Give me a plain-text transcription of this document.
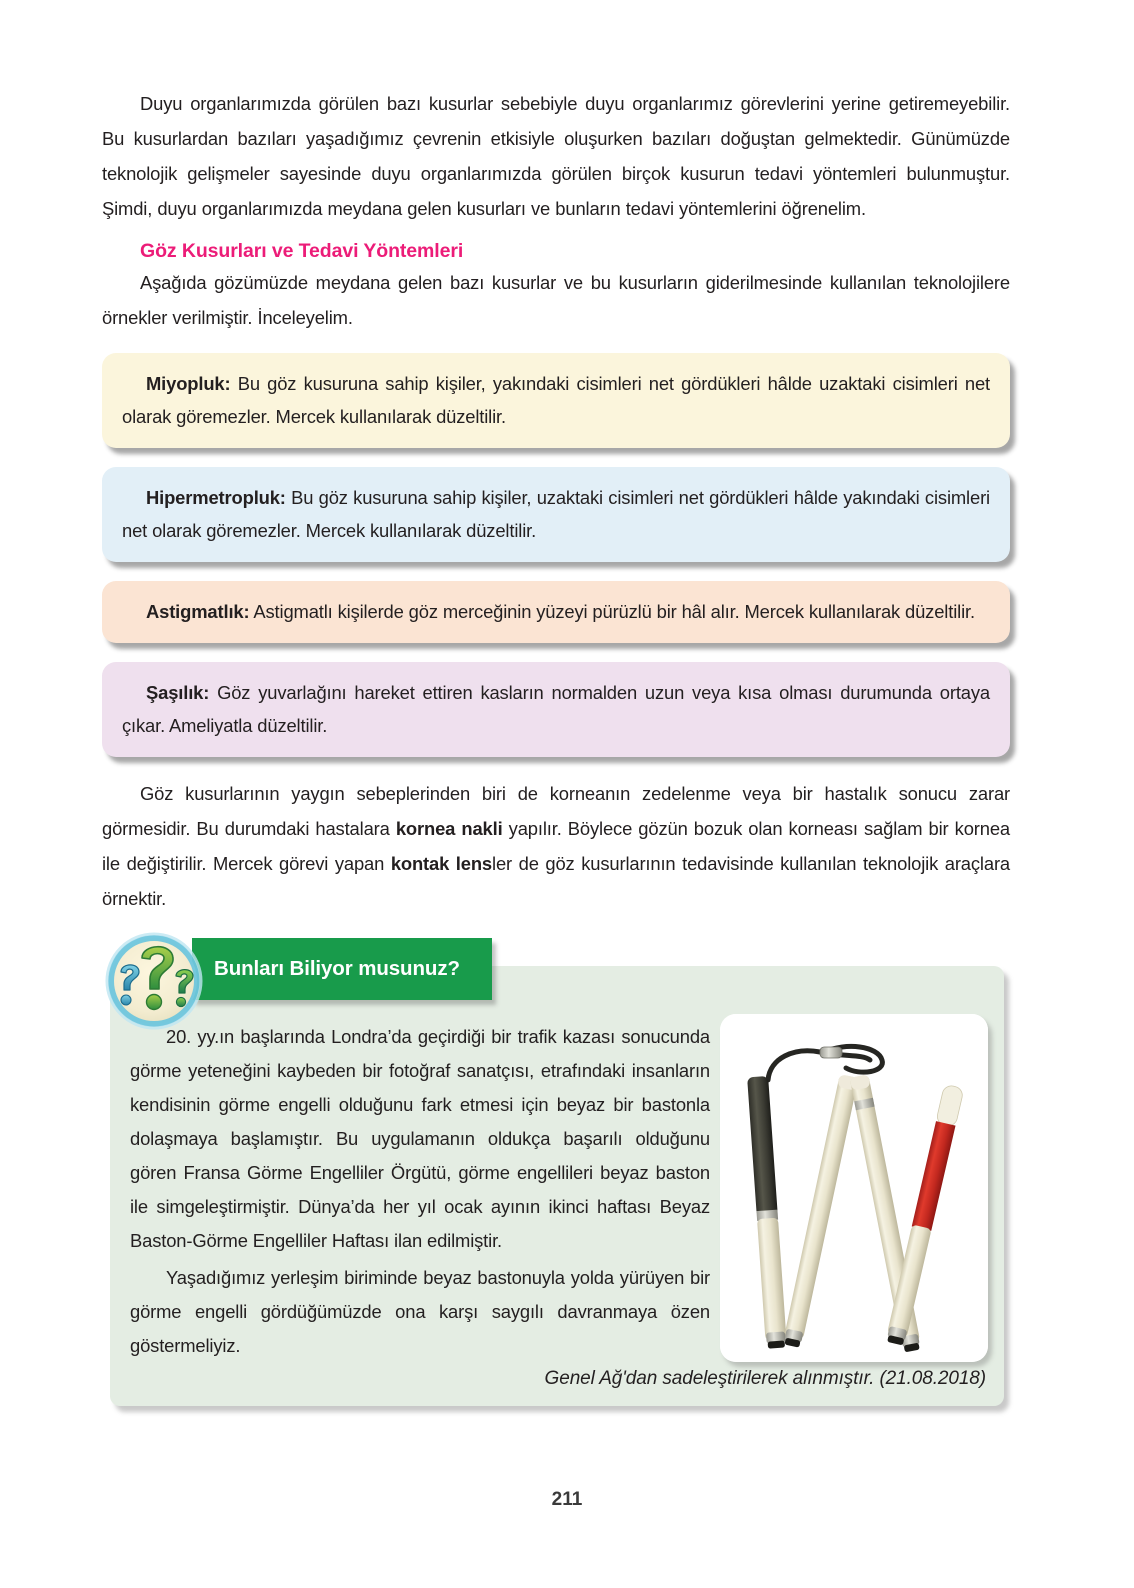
Duyu organlarımızda görülen bazı kusurlar sebebiyle duyu organlarımız görevlerini yerine getiremeyebilir. Bu kusurlardan bazıları yaşadığımız çevrenin etkisiyle oluşurken bazıları doğuştan gelmektedir. Günümüzde teknolojik gelişmeler sayesinde duyu organlarımızda görülen birçok kusurun tedavi yöntemleri bulunmuştur. Şimdi, duyu organlarımızda meydana gelen kusurları ve bunların tedavi yöntemlerini öğrenelim.

Göz Kusurları ve Tedavi Yöntemleri

Aşağıda gözümüzde meydana gelen bazı kusurlar ve bu kusurların giderilmesinde kullanılan teknolojilere örnekler verilmiştir. İnceleyelim.

Miyopluk: Bu göz kusuruna sahip kişiler, yakındaki cisimleri net gördükleri hâlde uzaktaki cisimleri net olarak göremezler. Mercek kullanılarak düzeltilir.

Hipermetropluk: Bu göz kusuruna sahip kişiler, uzaktaki cisimleri net gördükleri hâlde yakındaki cisimleri net olarak göremezler. Mercek kullanılarak düzeltilir.

Astigmatlık: Astigmatlı kişilerde göz merceğinin yüzeyi pürüzlü bir hâl alır. Mercek kullanılarak düzeltilir.

Şaşılık: Göz yuvarlağını hareket ettiren kasların normalden uzun veya kısa olması durumunda ortaya çıkar. Ameliyatla düzeltilir.

Göz kusurlarının yaygın sebeplerinden biri de korneanın zedelenme veya bir hastalık sonucu zarar görmesidir. Bu durumdaki hastalara kornea nakli yapılır. Böylece gözün bozuk olan korneası sağlam bir kornea ile değiştirilir. Mercek görevi yapan kontak lensler de göz kusurlarının tedavisinde kullanılan teknolojik araçlara örnektir.

Bunları Biliyor musunuz?

20. yy.ın başlarında Londra’da geçirdiği bir trafik kazası sonucunda görme yeteneğini kaybeden bir fotoğraf sanatçısı, etrafındaki insanların kendisinin görme engelli olduğunu fark etmesi için beyaz bir bastonla dolaşmaya başlamıştır. Bu uygulamanın oldukça başarılı olduğunu gören Fransa Görme Engelliler Örgütü, görme engellileri beyaz baston ile simgeleştirmiştir. Dünya’da her yıl ocak ayının ikinci haftası Beyaz Baston-Görme Engelliler Haftası ilan edilmiştir.

Yaşadığımız yerleşim biriminde beyaz bastonuyla yolda yürüyen bir görme engelli gördüğümüzde ona karşı saygılı davranmaya özen göstermeliyiz.

Genel Ağ'dan sadeleştirilerek alınmıştır. (21.08.2018)
211
